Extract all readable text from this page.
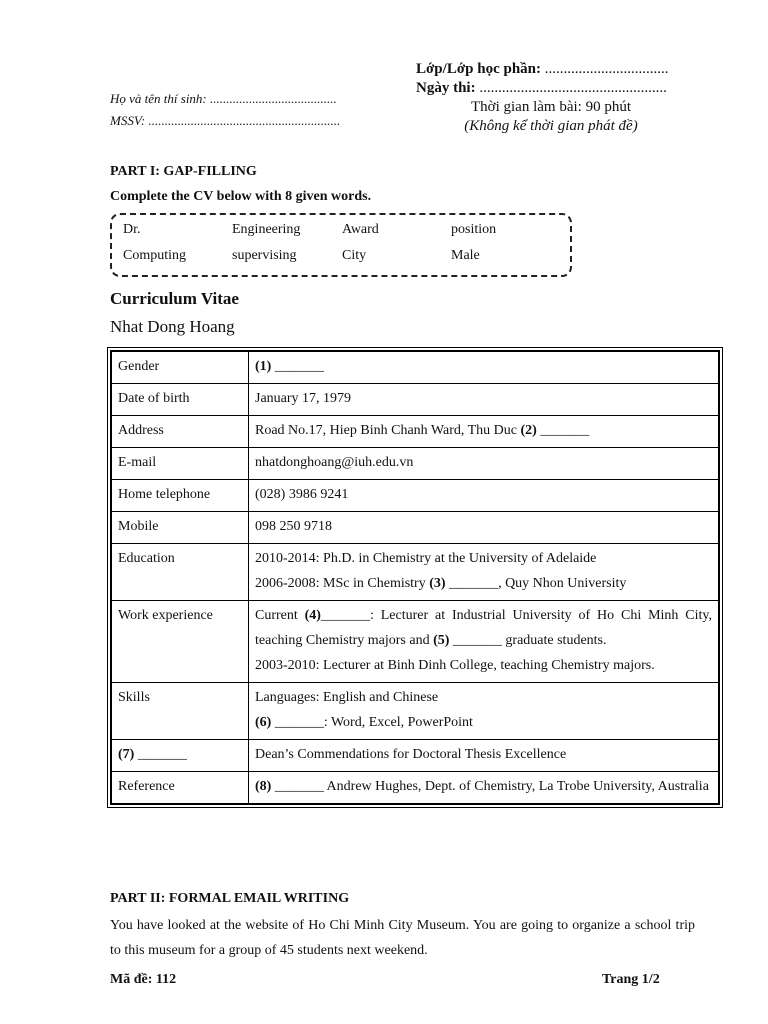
Lớp/Lớp học phần: .................................
Ngày thi: ..................................................
Thời gian làm bài: 90 phút
(Không kể thời gian phát đề)
Họ và tên thí sinh: .......................................
MSSV: ...........................................................
PART I: GAP-FILLING
Complete the CV below with 8 given words.
Dr.	Engineering	Award	position
Computing	supervising	City	Male
Curriculum Vitae
Nhat Dong Hoang
Gender	(1) _______
Date of birth	January 17, 1979
Address	Road No.17, Hiep Binh Chanh Ward, Thu Duc (2) _______
E-mail	nhatdonghoang@iuh.edu.vn
Home telephone	(028) 3986 9241
Mobile	098 250 9718
Education	2010-2014: Ph.D. in Chemistry at the University of Adelaide
2006-2008: MSc in Chemistry (3) _______, Quy Nhon University

Work experience	Current (4)_______: Lecturer at Industrial University of Ho Chi Minh City, teaching Chemistry majors and (5) _______ graduate students.
2003-2010: Lecturer at Binh Dinh College, teaching Chemistry majors.

Skills	Languages: English and Chinese
(6) _______: Word, Excel, PowerPoint

(7) _______	Dean’s Commendations for Doctoral Thesis Excellence
Reference	(8) _______ Andrew Hughes, Dept. of Chemistry, La Trobe University, Australia
PART II: FORMAL EMAIL WRITING
You have looked at the website of Ho Chi Minh City Museum. You are going to organize a school trip to this museum for a group of 45 students next weekend.
Mã đề: 112	Trang 1/2
